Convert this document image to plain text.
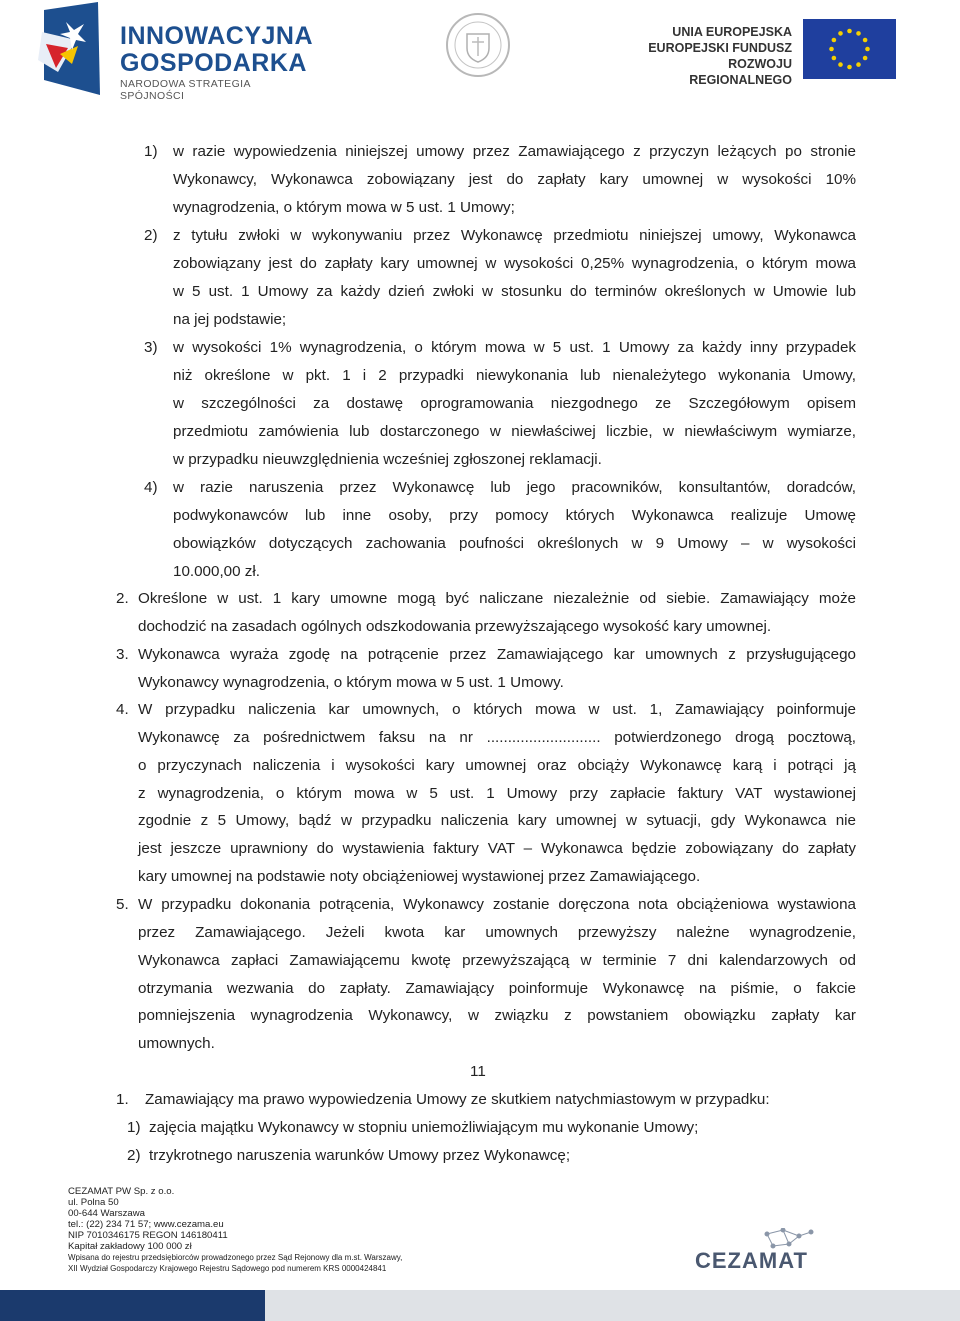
INNOWACYJNA
GOSPODARKA
NARODOWA STRATEGIA SPÓJNOŚCI
UNIA EUROPEJSKA
EUROPEJSKI FUNDUSZ
ROZWOJU REGIONALNEGO
1) w razie wypowiedzenia niniejszej umowy przez Zamawiającego z przyczyn leżących po stronie
Wykonawcy, Wykonawca zobowiązany jest do zapłaty kary umownej w wysokości 10%
wynagrodzenia, o którym mowa w 5 ust. 1 Umowy;
2) z tytułu zwłoki w wykonywaniu przez Wykonawcę przedmiotu niniejszej umowy, Wykonawca
zobowiązany jest do zapłaty kary umownej w wysokości 0,25% wynagrodzenia, o którym mowa
w 5 ust. 1 Umowy za każdy dzień zwłoki w stosunku do terminów określonych w Umowie lub
na jej podstawie;
3) w wysokości 1% wynagrodzenia, o którym mowa w 5 ust. 1 Umowy za każdy inny przypadek
niż określone w pkt. 1 i 2 przypadki niewykonania lub nienależytego wykonania Umowy,
w szczególności za dostawę oprogramowania niezgodnego ze Szczegółowym opisem
przedmiotu zamówienia lub dostarczonego w niewłaściwej liczbie, w niewłaściwym wymiarze,
w przypadku nieuwzględnienia wcześniej zgłoszonej reklamacji.
4) w razie naruszenia przez Wykonawcę lub jego pracowników, konsultantów, doradców,
podwykonawców lub inne osoby, przy pomocy których Wykonawca realizuje Umowę
obowiązków dotyczących zachowania poufności określonych w 9 Umowy – w wysokości
10.000,00 zł.
2. Określone w ust. 1 kary umowne mogą być naliczane niezależnie od siebie. Zamawiający może
dochodzić na zasadach ogólnych odszkodowania przewyższającego wysokość kary umownej.
3. Wykonawca wyraża zgodę na potrącenie przez Zamawiającego kar umownych z przysługującego
Wykonawcy wynagrodzenia, o którym mowa w 5 ust. 1 Umowy.
4. W przypadku naliczenia kar umownych, o których mowa w ust. 1, Zamawiający poinformuje
Wykonawcę za pośrednictwem faksu na nr ........................... potwierdzonego drogą pocztową,
o przyczynach naliczenia i wysokości kary umownej oraz obciąży Wykonawcę karą i potrąci ją
z wynagrodzenia, o którym mowa w 5 ust. 1 Umowy przy zapłacie faktury VAT wystawionej
zgodnie z 5 Umowy, bądź w przypadku naliczenia kary umownej w sytuacji, gdy Wykonawca nie
jest jeszcze uprawniony do wystawienia faktury VAT – Wykonawca będzie zobowiązany do zapłaty
kary umownej na podstawie noty obciążeniowej wystawionej przez Zamawiającego.
5. W przypadku dokonania potrącenia, Wykonawcy zostanie doręczona nota obciążeniowa wystawiona
przez Zamawiającego. Jeżeli kwota kar umownych przewyższy należne wynagrodzenie,
Wykonawca zapłaci Zamawiającemu kwotę przewyższającą w terminie 7 dni kalendarzowych od
otrzymania wezwania do zapłaty. Zamawiający poinformuje Wykonawcę na piśmie, o fakcie
pomniejszenia wynagrodzenia Wykonawcy, w związku z powstaniem obowiązku zapłaty kar
umownych.
11
1. Zamawiający ma prawo wypowiedzenia Umowy ze skutkiem natychmiastowym w przypadku:
1) zajęcia majątku Wykonawcy w stopniu uniemożliwiającym mu wykonanie Umowy;
2) trzykrotnego naruszenia warunków Umowy przez Wykonawcę;
CEZAMAT PW Sp. z o.o.
ul. Polna 50
00-644 Warszawa
tel.: (22) 234 71 57; www.cezama.eu
NIP 7010346175 REGON 146180411
Kapitał zakładowy 100 000 zł
Wpisana do rejestru przedsiębiorców prowadzonego przez Sąd Rejonowy dla m.st. Warszawy,
XII Wydział Gospodarczy Krajowego Rejestru Sądowego pod numerem KRS 0000424841	CEZAMAT
